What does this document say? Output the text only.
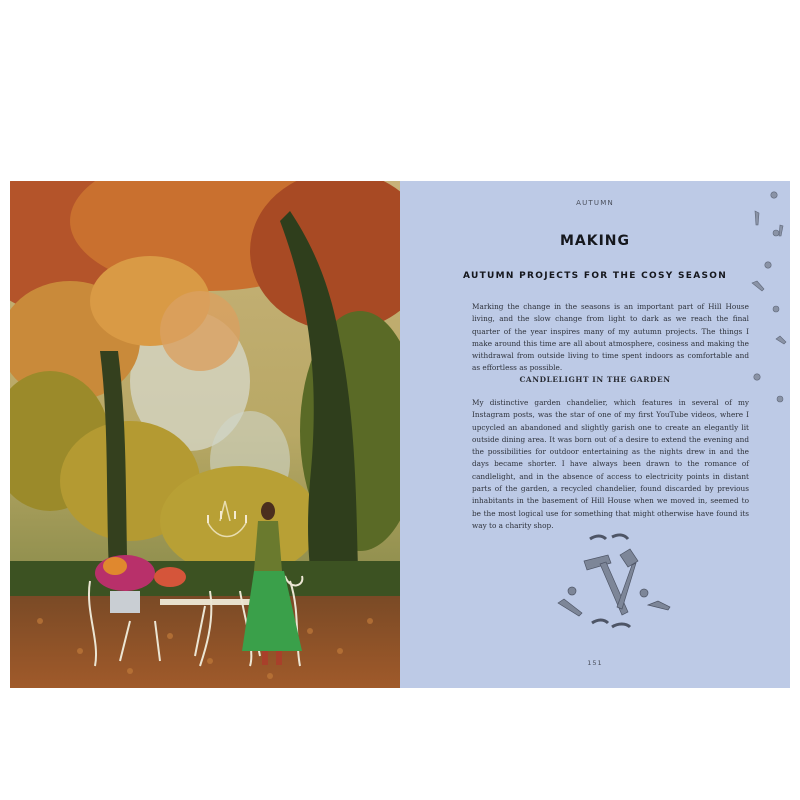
AUTUMN
MAKING
AUTUMN PROJECTS FOR THE COSY SEASON

Marking the change in the seasons is an important part of Hill House living, and the slow change from light to dark as we reach the final quarter of the year inspires many of my autumn projects. The things I make around this time are all about atmosphere, cosiness and making the withdrawal from outside living to time spent indoors as comfortable and as effortless as possible.

CANDLELIGHT IN THE GARDEN

My distinctive garden chandelier, which features in several of my Instagram posts, was the star of one of my first YouTube videos, where I upcycled an abandoned and slightly garish one to create an elegantly lit outside dining area. It was born out of a desire to extend the evening and the possibilities for outdoor entertaining as the nights drew in and the days became shorter. I have always been drawn to the romance of candlelight, and in the absence of access to electricity points in distant parts of the garden, a recycled chandelier, found discarded by previous inhabitants in the basement of Hill House when we moved in, seemed to be the most logical use for something that might otherwise have found its way to a charity shop.

151
